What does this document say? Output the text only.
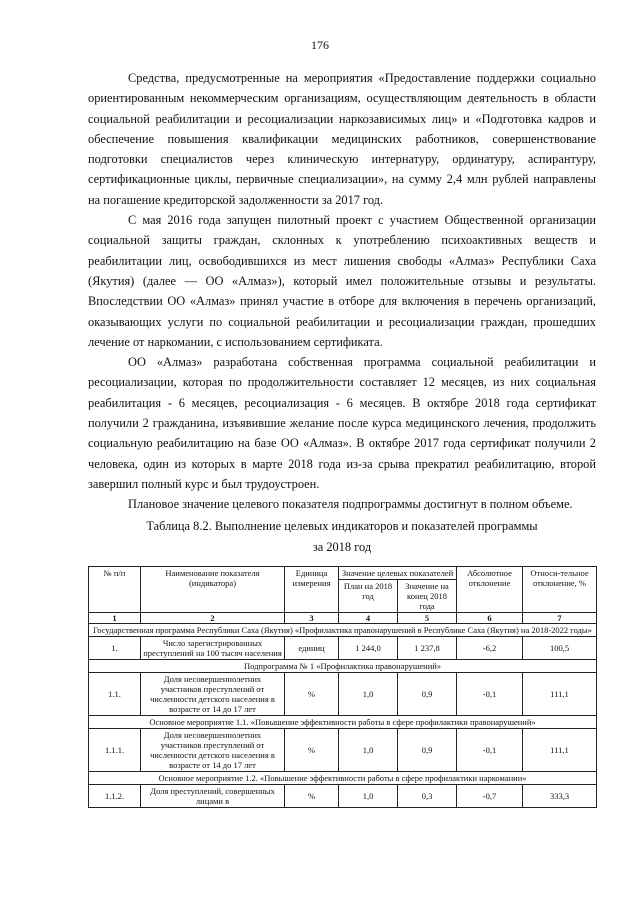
176

Средства, предусмотренные на мероприятия «Предоставление поддержки социально ориентированным некоммерческим организациям, осуществляющим деятельность в области социальной реабилитации и ресоциализации наркозависимых лиц» и «Подготовка кадров и обеспечение повышения квалификации медицинских работников, совершенствование подготовки специалистов через клиническую интернатуру, ординатуру, аспирантуру, сертификационные циклы, первичные специализации», на сумму 2,4 млн рублей направлены на погашение кредиторской задолженности за 2017 год.

С мая 2016 года запущен пилотный проект с участием Общественной организации социальной защиты граждан, склонных к употреблению психоактивных веществ и реабилитации лиц, освободившихся из мест лишения свободы «Алмаз» Республики Саха (Якутия) (далее — ОО «Алмаз»), который имел положительные отзывы и результаты. Впоследствии ОО «Алмаз» принял участие в отборе для включения в перечень организаций, оказывающих услуги по социальной реабилитации и ресоциализации граждан, прошедших лечение от наркомании, с использованием сертификата.

ОО «Алмаз» разработана собственная программа социальной реабилитации и ресоциализации, которая по продолжительности составляет 12 месяцев, из них социальная реабилитация - 6 месяцев, ресоциализация - 6 месяцев. В октябре 2018 года сертификат получили 2 гражданина, изъявившие желание после курса медицинского лечения, продолжить социальную реабилитацию на базе ОО «Алмаз». В октябре 2017 года сертификат получили 2 человека, один из которых в марте 2018 года из-за срыва прекратил реабилитацию, второй завершил полный курс и был трудоустроен.

Плановое значение целевого показателя подпрограммы достигнут в полном объеме.

Таблица 8.2. Выполнение целевых индикаторов и показателей программы
за 2018 год
№ п/п	Наименование показателя (индикатора)	Единица измерения	Значение целевых показателей		Абсолютное отклонение	Относи-тельное отклонение, %
			План на 2018 год	Значение на конец 2018 года		
1	2	3	4	5	6	7
Государственная программа Республики Саха (Якутия) «Профилактика правонарушений в Республике Саха (Якутия) на 2018-2022 годы»						
1.	Число зарегистрированных преступлений на 100 тысяч населения	единиц	1 244,0	1 237,8	-6,2	100,5
Подпрограмма № 1 «Профилактика правонарушений»						
1.1.	Доля несовершеннолетних участников преступлений от численности детского населения в возрасте от 14 до 17 лет	%	1,0	0,9	-0,1	111,1
Основное мероприятие 1.1. «Повышение эффективности работы в сфере профилактики правонарушений»						
1.1.1.	Доля несовершеннолетних участников преступлений от численности детского населения в возрасте от 14 до 17 лет	%	1,0	0,9	-0,1	111,1
Основное мероприятие 1.2. «Повышение эффективности работы в сфере профилактики наркомании»						
1.1.2.	Доля преступлений, совершенных лицами в	%	1,0	0,3	-0,7	333,3
